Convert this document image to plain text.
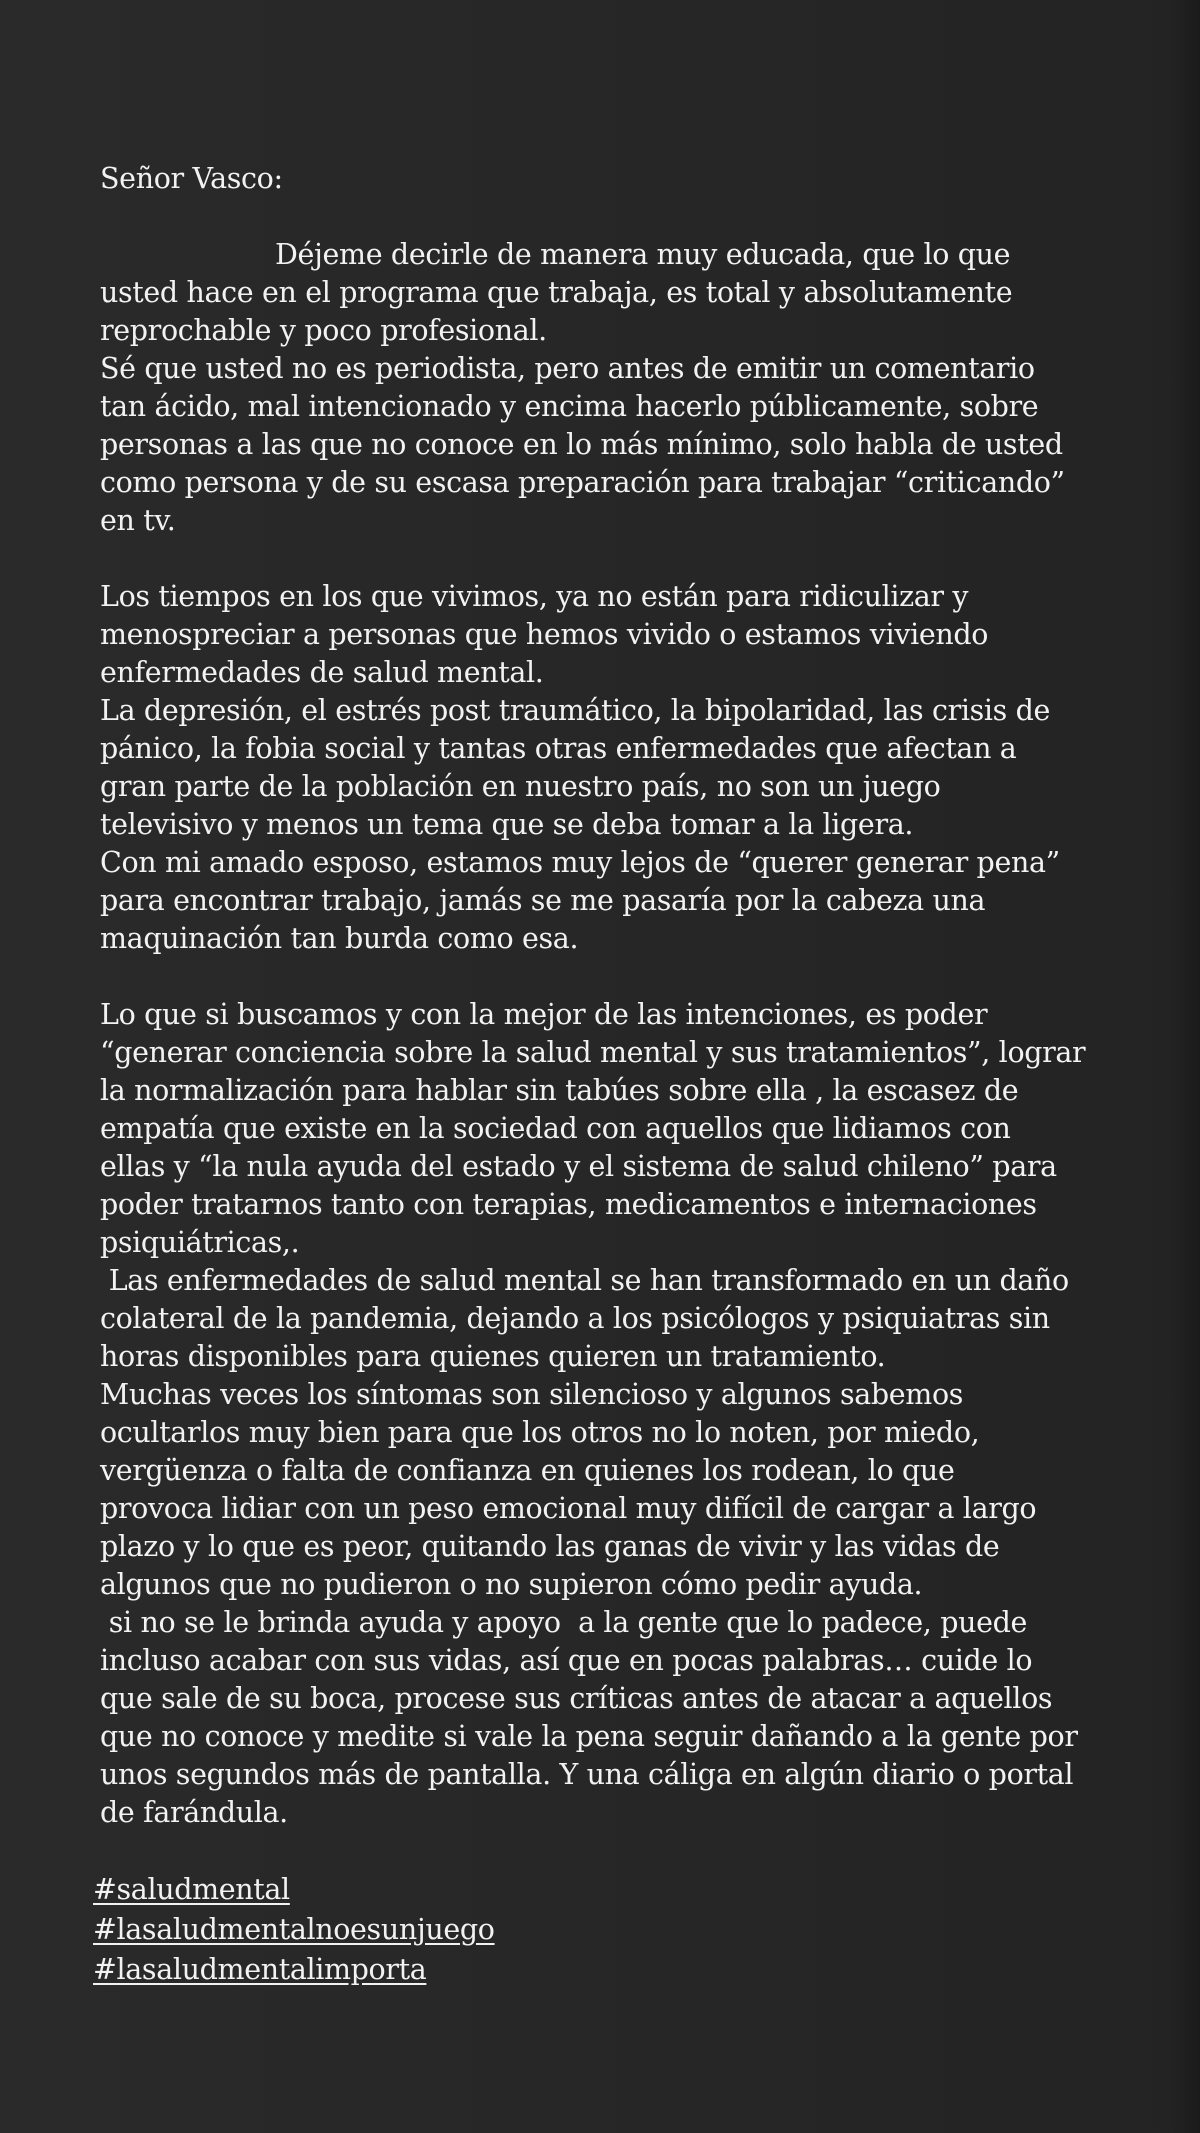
Señor Vasco:

Déjeme decirle de manera muy educada, que lo que

usted hace en el programa que trabaja, es total y absolutamente

reprochable y poco profesional.

Sé que usted no es periodista, pero antes de emitir un comentario

tan ácido, mal intencionado y encima hacerlo públicamente, sobre

personas a las que no conoce en lo más mínimo, solo habla de usted

como persona y de su escasa preparación para trabajar “criticando”

en tv.

Los tiempos en los que vivimos, ya no están para ridiculizar y

menospreciar a personas que hemos vivido o estamos viviendo

enfermedades de salud mental.

La depresión, el estrés post traumático, la bipolaridad, las crisis de

pánico, la fobia social y tantas otras enfermedades que afectan a

gran parte de la población en nuestro país, no son un juego

televisivo y menos un tema que se deba tomar a la ligera.

Con mi amado esposo, estamos muy lejos de “querer generar pena”

para encontrar trabajo, jamás se me pasaría por la cabeza una

maquinación tan burda como esa.

Lo que si buscamos y con la mejor de las intenciones, es poder

“generar conciencia sobre la salud mental y sus tratamientos”, lograr

la normalización para hablar sin tabúes sobre ella , la escasez de

empatía que existe en la sociedad con aquellos que lidiamos con

ellas y “la nula ayuda del estado y el sistema de salud chileno” para

poder tratarnos tanto con terapias, medicamentos e internaciones

psiquiátricas,.

Las enfermedades de salud mental se han transformado en un daño

colateral de la pandemia, dejando a los psicólogos y psiquiatras sin

horas disponibles para quienes quieren un tratamiento.

Muchas veces los síntomas son silencioso y algunos sabemos

ocultarlos muy bien para que los otros no lo noten, por miedo,

vergüenza o falta de confianza en quienes los rodean, lo que

provoca lidiar con un peso emocional muy difícil de cargar a largo

plazo y lo que es peor, quitando las ganas de vivir y las vidas de

algunos que no pudieron o no supieron cómo pedir ayuda.

si no se le brinda ayuda y apoyo  a la gente que lo padece, puede

incluso acabar con sus vidas, así que en pocas palabras… cuide lo

que sale de su boca, procese sus críticas antes de atacar a aquellos

que no conoce y medite si vale la pena seguir dañando a la gente por

unos segundos más de pantalla. Y una cáliga en algún diario o portal

de farándula.

#saludmental
#lasaludmentalnoesunjuego
#lasaludmentalimporta
